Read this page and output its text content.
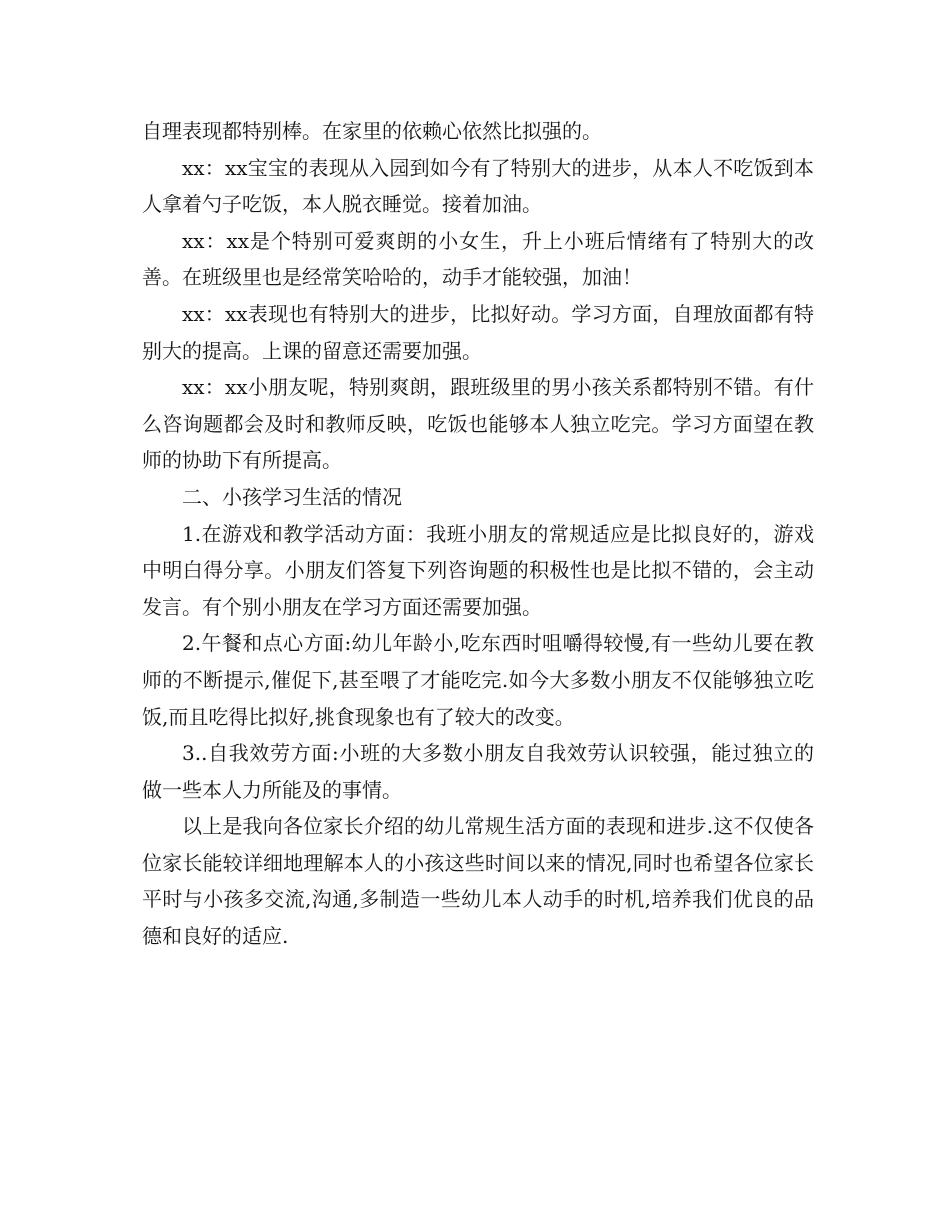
自理表现都特别棒。在家里的依赖心依然比拟强的。

xx：xx宝宝的表现从入园到如今有了特别大的进步，从本人不吃饭到本人拿着勺子吃饭，本人脱衣睡觉。接着加油。

xx：xx是个特别可爱爽朗的小女生，升上小班后情绪有了特别大的改善。在班级里也是经常笑哈哈的，动手才能较强，加油！

xx：xx表现也有特别大的进步，比拟好动。学习方面，自理放面都有特别大的提高。上课的留意还需要加强。

xx：xx小朋友呢，特别爽朗，跟班级里的男小孩关系都特别不错。有什么咨询题都会及时和教师反映，吃饭也能够本人独立吃完。学习方面望在教师的协助下有所提高。

二、小孩学习生活的情况

1.在游戏和教学活动方面：我班小朋友的常规适应是比拟良好的，游戏中明白得分享。小朋友们答复下列咨询题的积极性也是比拟不错的，会主动发言。有个别小朋友在学习方面还需要加强。

2.午餐和点心方面:幼儿年龄小,吃东西时咀嚼得较慢,有一些幼儿要在教师的不断提示,催促下,甚至喂了才能吃完.如今大多数小朋友不仅能够独立吃饭,而且吃得比拟好,挑食现象也有了较大的改变。

3..自我效劳方面:小班的大多数小朋友自我效劳认识较强，能过独立的做一些本人力所能及的事情。

以上是我向各位家长介绍的幼儿常规生活方面的表现和进步.这不仅使各位家长能较详细地理解本人的小孩这些时间以来的情况,同时也希望各位家长平时与小孩多交流,沟通,多制造一些幼儿本人动手的时机,培养我们优良的品德和良好的适应.
